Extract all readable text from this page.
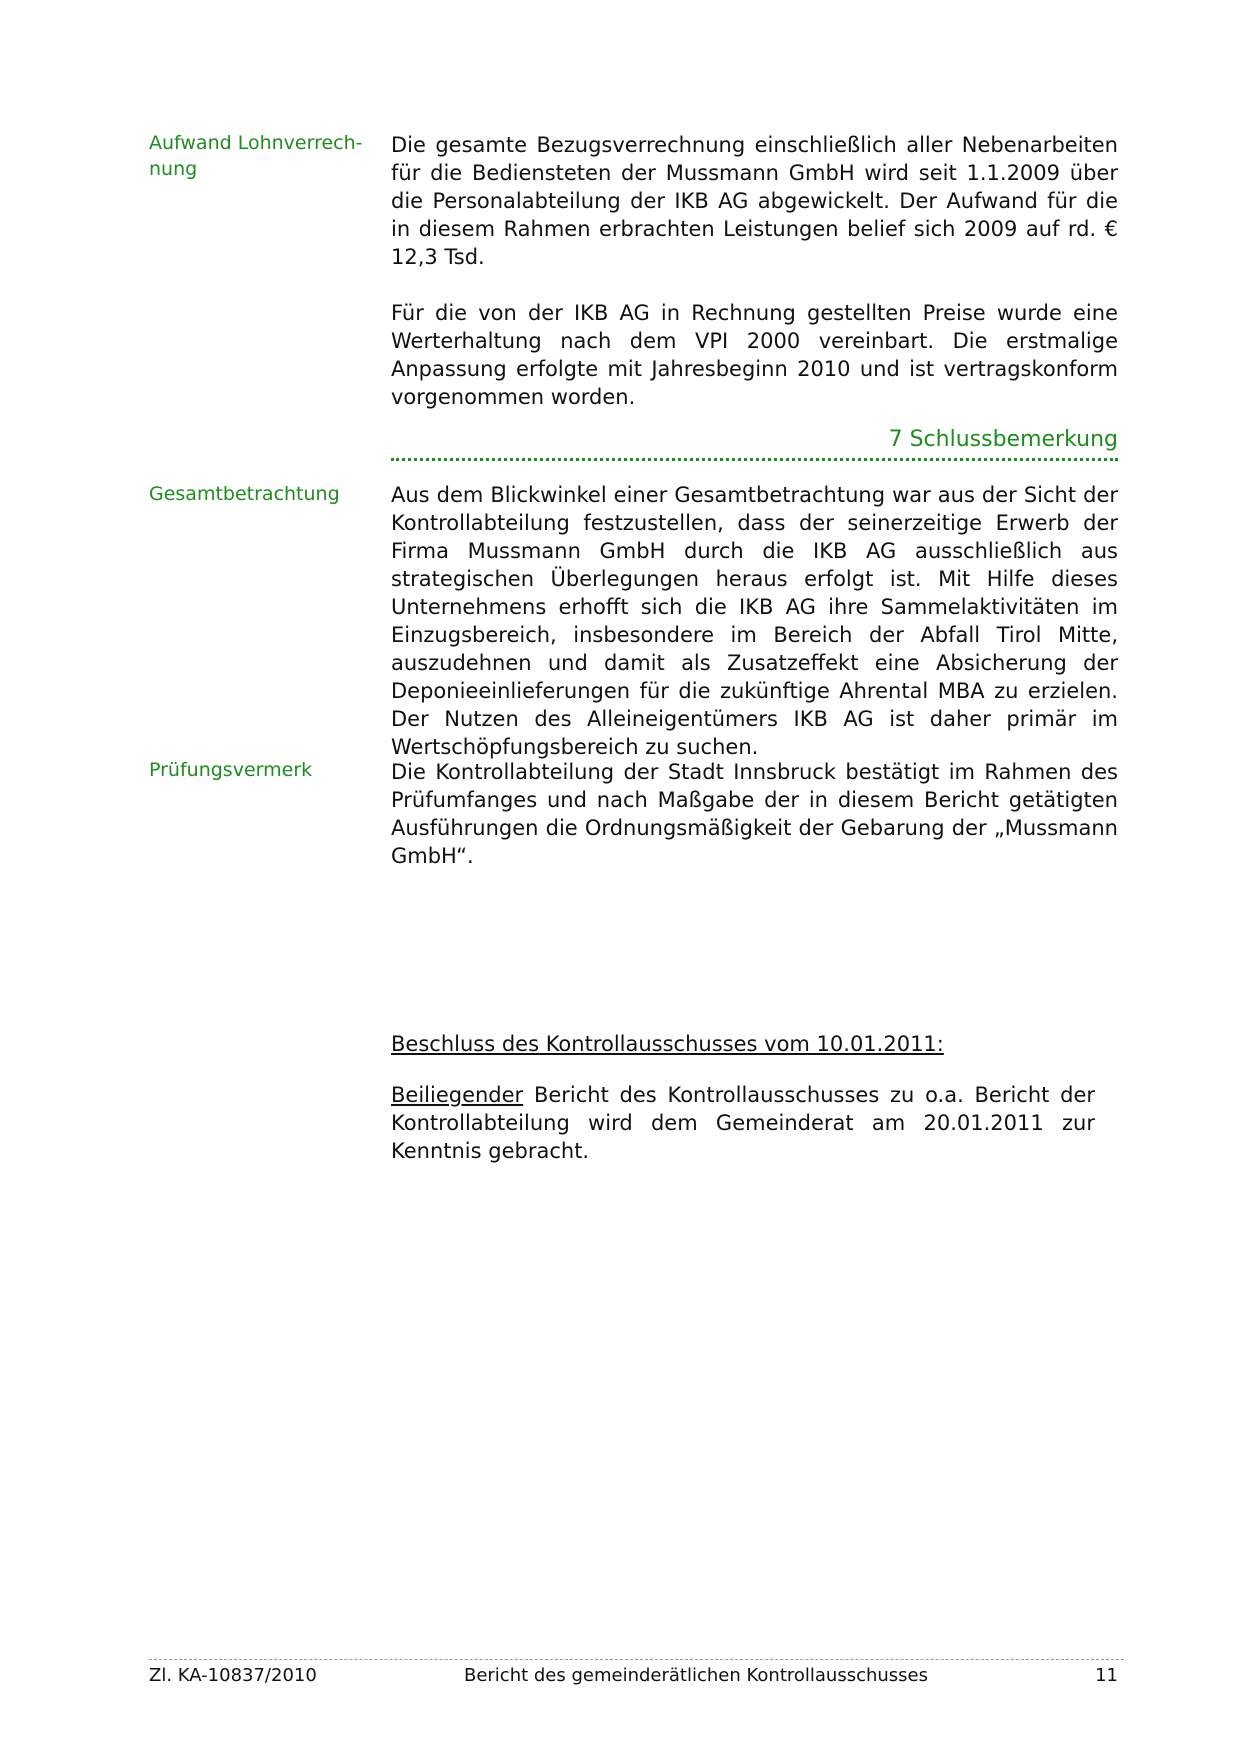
Aufwand Lohnverrech-
nung

Die gesamte Bezugsverrechnung einschließlich aller Nebenarbeiten für die Bediensteten der Mussmann GmbH wird seit 1.1.2009 über die Personalabteilung der IKB AG abgewickelt. Der Aufwand für die in diesem Rahmen erbrachten Leistungen belief sich 2009 auf rd. € 12,3 Tsd.

Für die von der IKB AG in Rechnung gestellten Preise wurde eine Werterhaltung nach dem VPI 2000 vereinbart. Die erstmalige Anpassung erfolgte mit Jahresbeginn 2010 und ist vertragskonform vorgenommen worden.

7 Schlussbemerkung
Gesamtbetrachtung	Aus dem Blickwinkel einer Gesamtbetrachtung war aus der Sicht der Kontrollabteilung festzustellen, dass der seinerzeitige Erwerb der Firma Mussmann GmbH durch die IKB AG ausschließlich aus strategischen Überlegungen heraus erfolgt ist. Mit Hilfe dieses Unternehmens erhofft sich die IKB AG ihre Sammelaktivitäten im Einzugsbereich, insbesondere im Bereich der Abfall Tirol Mitte, auszudehnen und damit als Zusatzeffekt eine Absicherung der Deponieeinlieferungen für die zukünftige Ahrental MBA zu erzielen. Der Nutzen des Alleineigentümers IKB AG ist daher primär im Wertschöpfungsbereich zu suchen.

Prüfungsvermerk	Die Kontrollabteilung der Stadt Innsbruck bestätigt im Rahmen des Prüfumfanges und nach Maßgabe der in diesem Bericht getätigten Ausführungen die Ordnungsmäßigkeit der Gebarung der „Mussmann GmbH“.

Beschluss des Kontrollausschusses vom 10.01.2011:
Beiliegender Bericht des Kontrollausschusses zu o.a. Bericht der Kontrollabteilung wird dem Gemeinderat am 20.01.2011 zur Kenntnis gebracht.
Zl. KA-10837/2010	Bericht des gemeinderätlichen Kontrollausschusses	11
